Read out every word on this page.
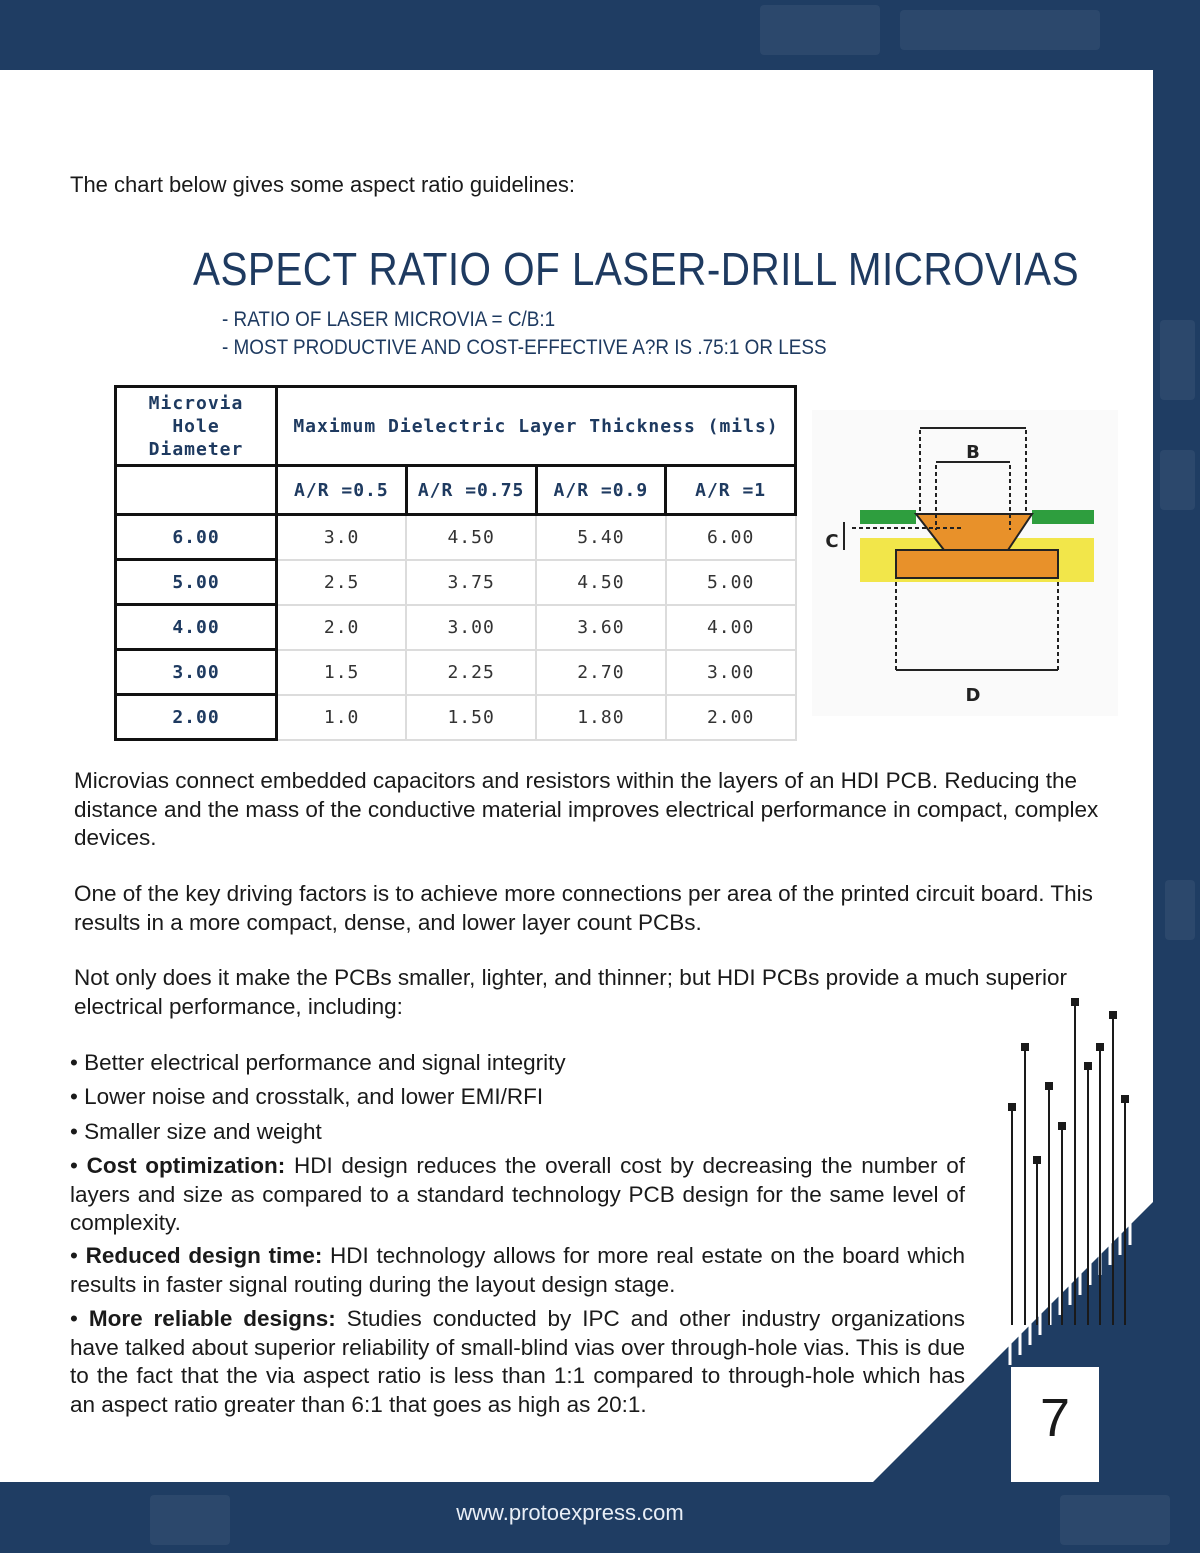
The chart below gives some aspect ratio guidelines:
ASPECT RATIO OF LASER-DRILL MICROVIAS
- RATIO OF LASER MICROVIA = C/B:1
- MOST PRODUCTIVE AND COST-EFFECTIVE A?R IS .75:1 OR LESS
Microvia Hole Diameter	Maximum Dielectric Layer Thickness (mils)			
	A/R =0.5	A/R =0.75	A/R =0.9	A/R =1
6.00	3.0	4.50	5.40	6.00
5.00	2.5	3.75	4.50	5.00
4.00	2.0	3.00	3.60	4.00
3.00	1.5	2.25	2.70	3.00
2.00	1.0	1.50	1.80	2.00
B
C
D
Microvias connect embedded capacitors and resistors within the layers of an HDI PCB. Reducing the distance and the mass of the conductive material improves electrical performance in compact, complex devices.
One of the key driving factors is to achieve more connections per area of the printed circuit board. This results in a more compact, dense, and lower layer count PCBs.
Not only does it make the PCBs smaller, lighter, and thinner; but HDI PCBs provide a much superior electrical performance, including:
• Better electrical performance and signal integrity
• Lower noise and crosstalk, and lower EMI/RFI
• Smaller size and weight
• Cost optimization: HDI design reduces the overall cost by decreasing the number of layers and size as compared to a standard technology PCB design for the same level of complexity.
• Reduced design time: HDI technology allows for more real estate on the board which results in faster signal routing during the layout design stage.
• More reliable designs: Studies conducted by IPC and other industry organizations have talked about superior reliability of small-blind vias over through-hole vias. This is due to the fact that the via aspect ratio is less than 1:1 compared to through-hole which has an aspect ratio greater than 6:1 that goes as high as 20:1.	7
www.protoexpress.com
